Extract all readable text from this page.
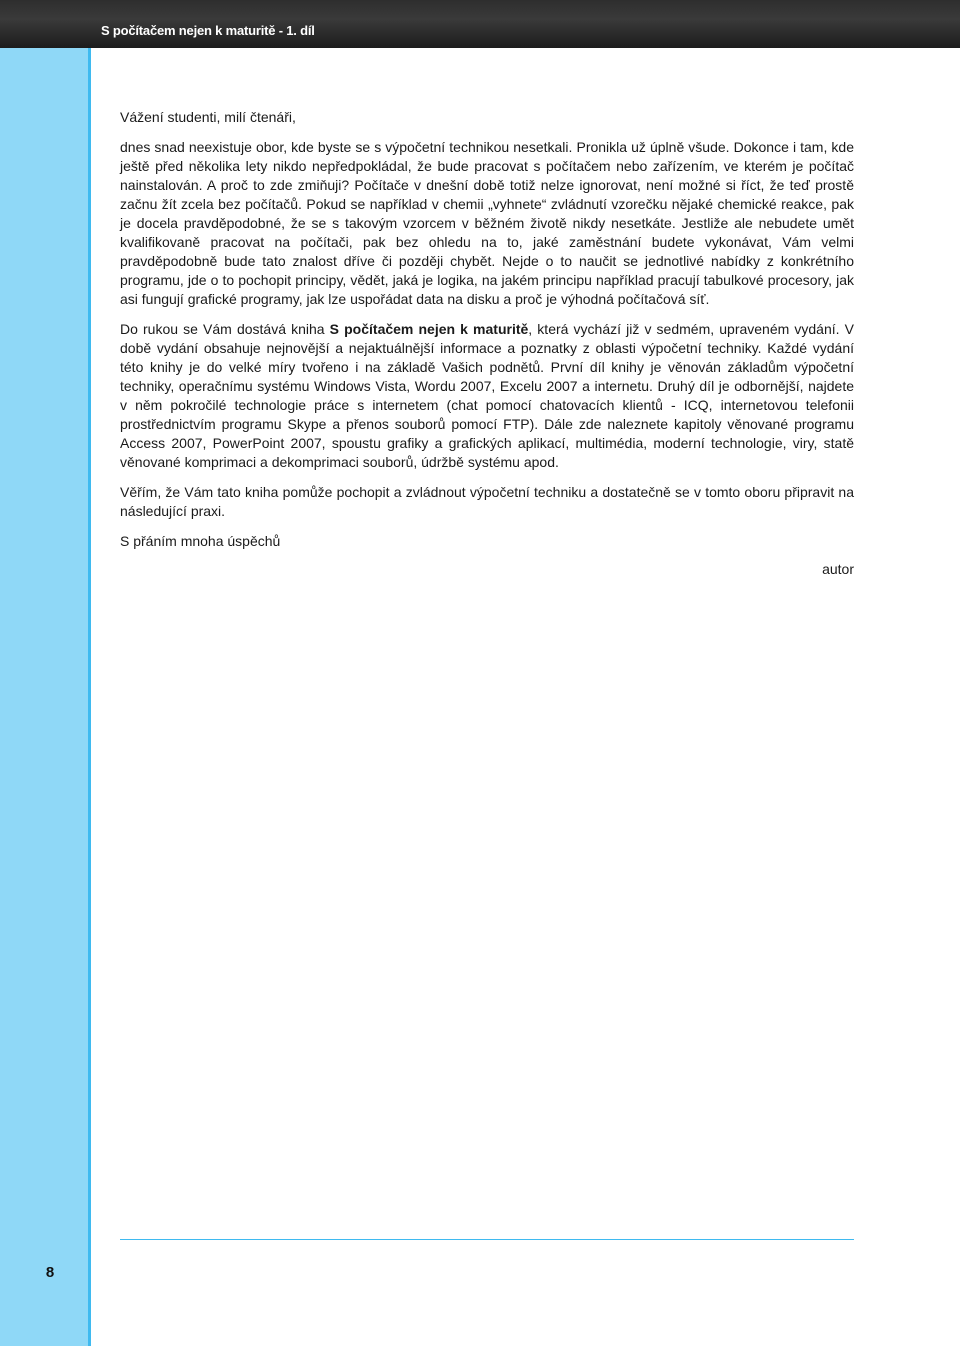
S počítačem nejen k maturitě - 1. díl
8

Vážení studenti, milí čtenáři,

dnes snad neexistuje obor, kde byste se s výpočetní technikou nesetkali. Pronikla už úplně všude. Dokonce i tam, kde ještě před několika lety nikdo nepředpokládal, že bude pracovat s počítačem nebo zařízením, ve kterém je počítač nainstalován. A proč to zde zmiňuji? Počítače v dnešní době totiž nelze ignorovat, není možné si říct, že teď prostě začnu žít zcela bez počítačů. Pokud se například v chemii „vyhnete“ zvládnutí vzorečku nějaké chemické reakce, pak je docela pravděpodobné, že se s takovým vzorcem v běžném životě nikdy nesetkáte. Jestliže ale nebudete umět kvalifikovaně pracovat na počítači, pak bez ohledu na to, jaké zaměstnání budete vykonávat, Vám velmi pravděpodobně bude tato znalost dříve či později chybět. Nejde o to naučit se jednotlivé nabídky z konkrétního programu, jde o to pochopit principy, vědět, jaká je logika, na jakém principu například pracují tabulkové procesory, jak asi fungují grafické programy, jak lze uspořádat data na disku a proč je výhodná počítačová síť.

Do rukou se Vám dostává kniha S počítačem nejen k maturitě, která vychází již v sedmém, upraveném vydání. V době vydání obsahuje nejnovější a nejaktuálnější informace a poznatky z oblasti výpočetní techniky. Každé vydání této knihy je do velké míry tvořeno i na základě Vašich podnětů. První díl knihy je věnován základům výpočetní techniky, operačnímu systému Windows Vista, Wordu 2007, Excelu 2007 a internetu. Druhý díl je odbornější, najdete v něm pokročilé technologie práce s internetem (chat pomocí chatovacích klientů - ICQ, internetovou telefonii prostřednictvím programu Skype a přenos souborů pomocí FTP). Dále zde naleznete kapitoly věnované programu Access 2007, PowerPoint 2007, spoustu grafiky a grafických aplikací, multimédia, moderní technologie, viry, statě věnované komprimaci a dekomprimaci souborů, údržbě systému apod.

Věřím, že Vám tato kniha pomůže pochopit a zvládnout výpočetní techniku a dostatečně se v tomto oboru připravit na následující praxi.

S přáním mnoha úspěchů

autor
